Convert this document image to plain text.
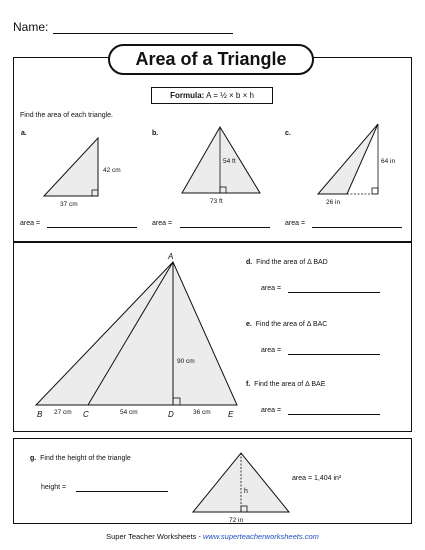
Name:
Area of a Triangle
Formula: A = ½ × b × h
Find the area of each triangle.
a.	b.	c.
42 cm
37 cm
54 ft
73 ft
64 in
26 in
area =	area =	area =
A
B	C	D	E
27 cm	54 cm	36 cm
90 cm
d. Find the area of Δ BAD
area =
e. Find the area of Δ BAC
area =
f. Find the area of Δ BAE
area =
g. Find the height of the triangle
height =
area = 1,404 in²
h
72 in
Super Teacher Worksheets - www.superteacherworksheets.com
